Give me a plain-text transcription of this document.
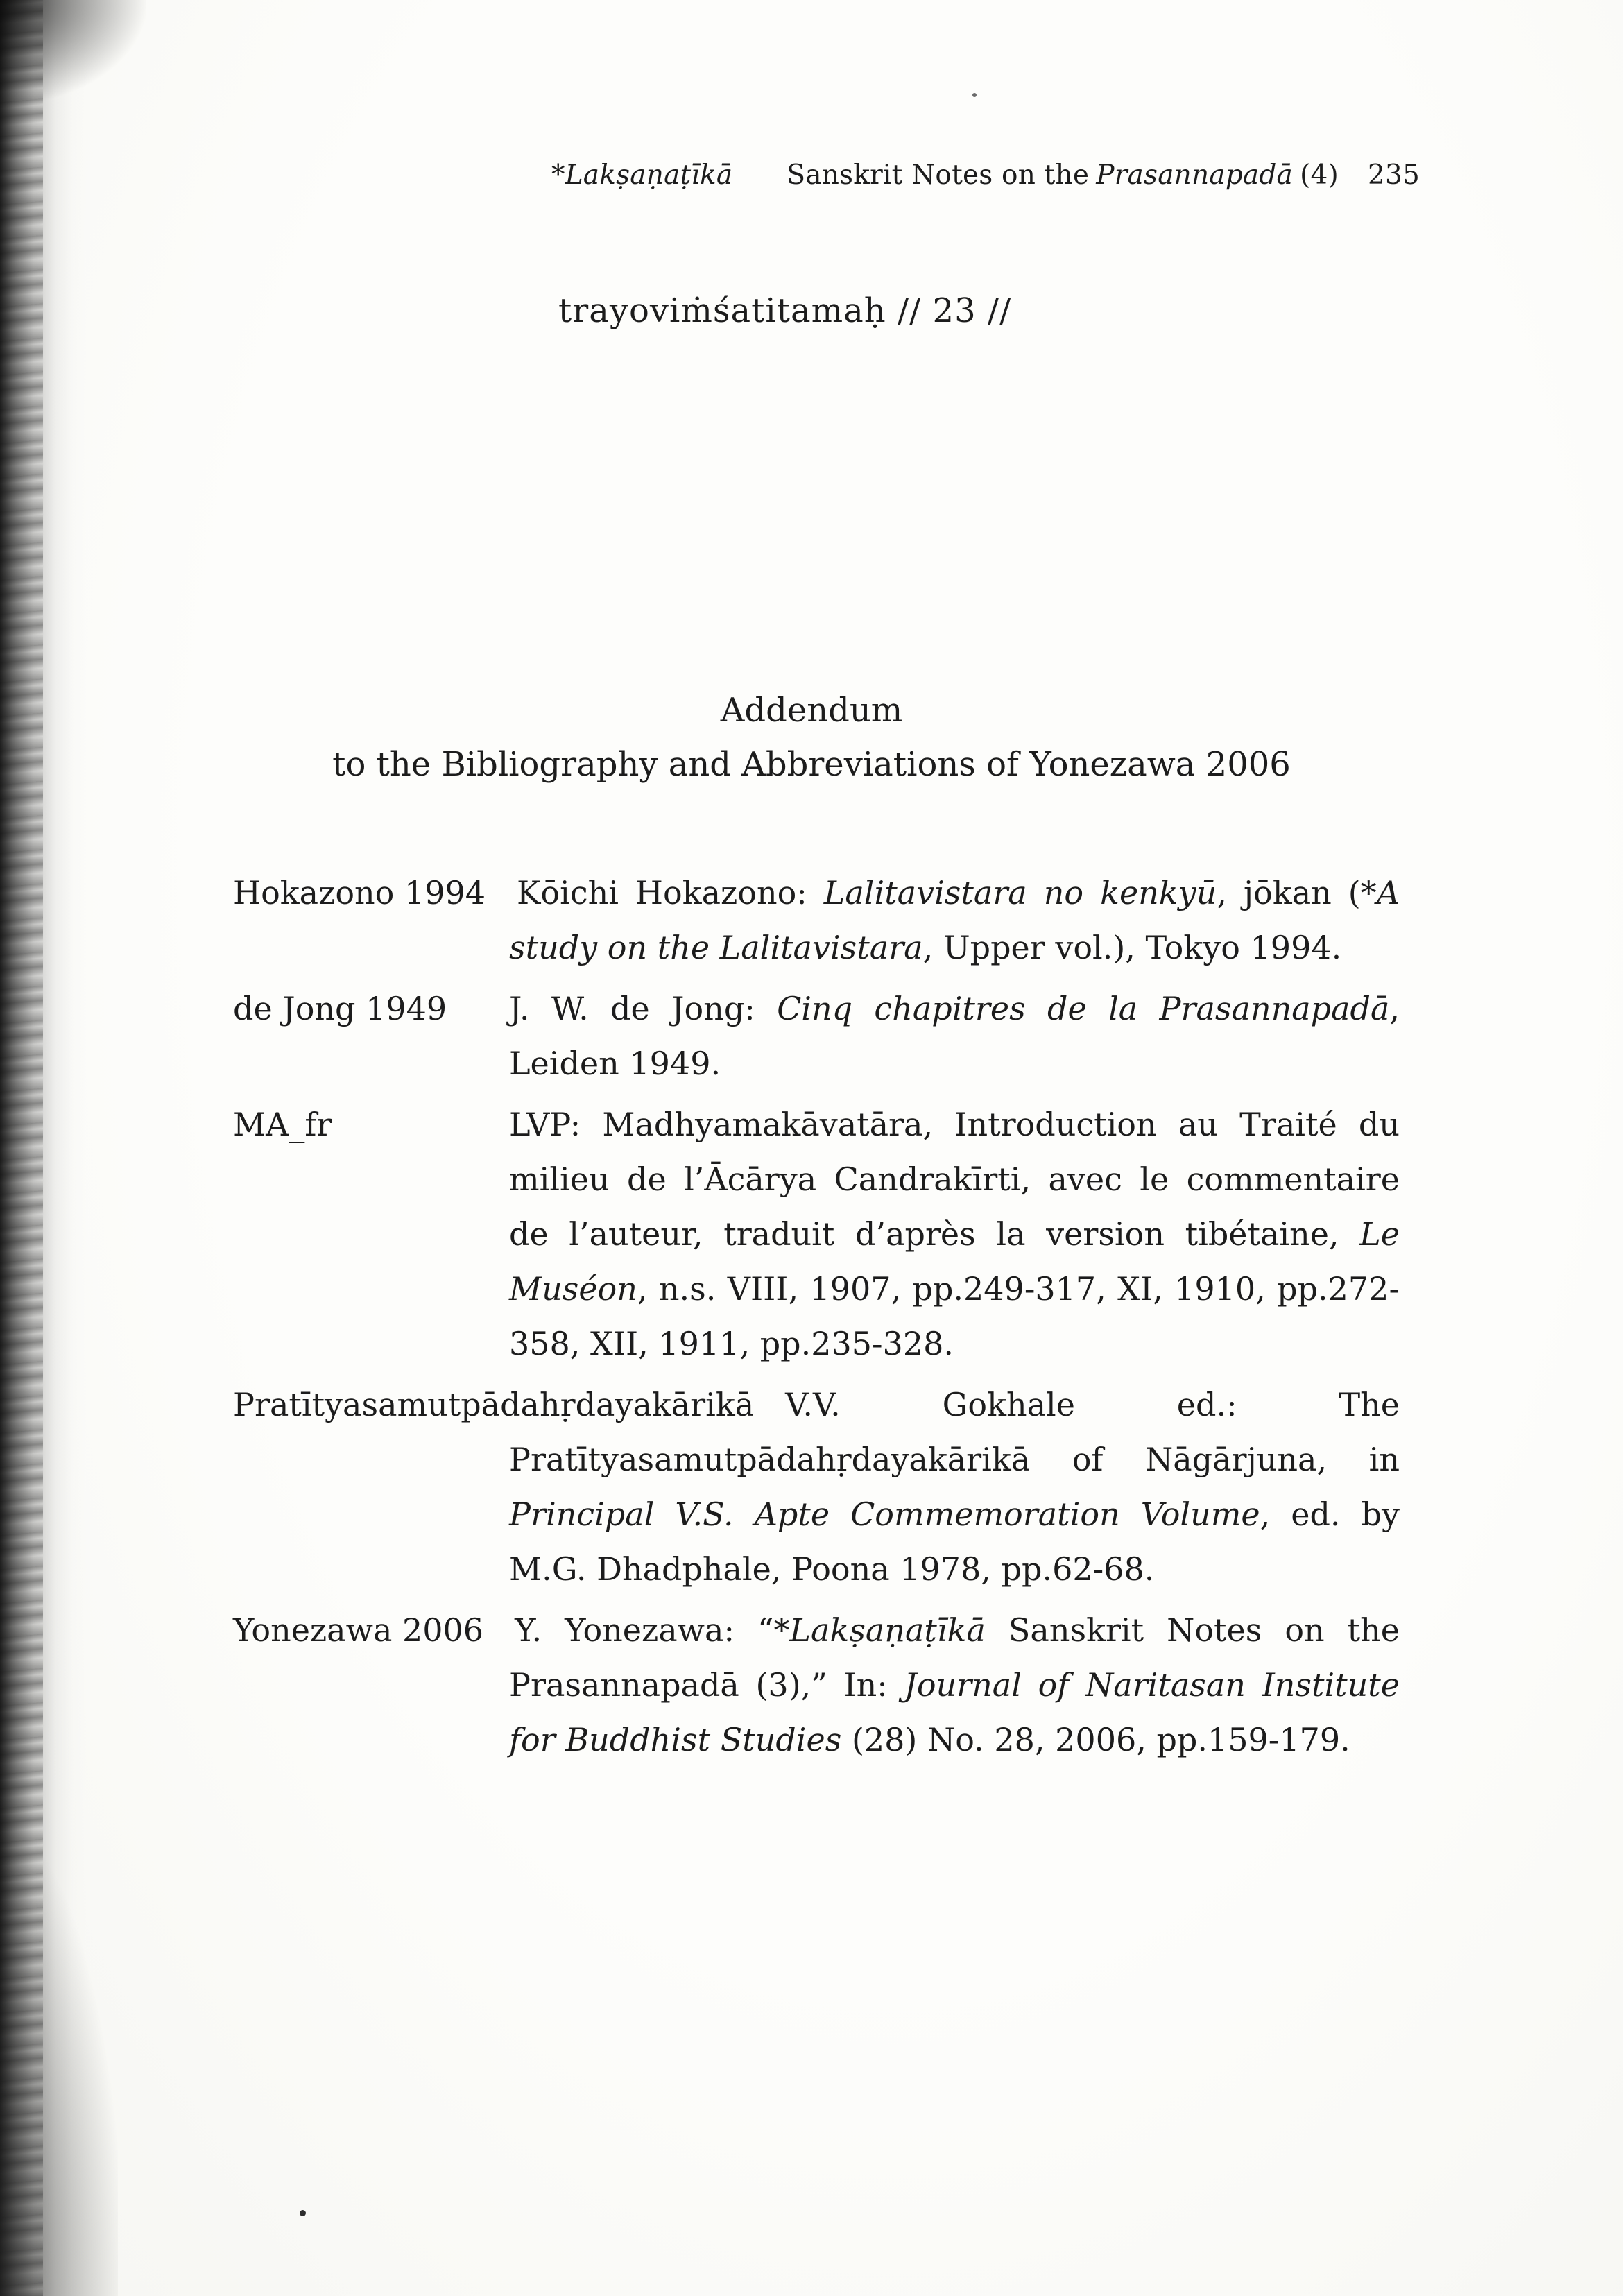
*Lakṣaṇaṭīkā Sanskrit Notes on the Prasannapadā (4) 235
trayoviṁśatitamaḥ // 23 //
Addendum
to the Bibliography and Abbreviations of Yonezawa 2006
Hokazono 1994 Kōichi Hokazono: Lalitavistara no kenkyū, jōkan (*A study on the Lalitavistara, Upper vol.), Tokyo 1994.
de Jong 1949 J. W. de Jong: Cinq chapitres de la Prasannapadā, Leiden 1949.
MA_fr	LVP: Madhyamakāvatāra, Introduction au Traité du milieu de l’Ācārya Candrakīrti, avec le commentaire de l’auteur, traduit d’après la version tibétaine, Le Muséon, n.s. VIII, 1907, pp.249-317, XI, 1910, pp.272-358, XII, 1911, pp.235-328.
Pratītyasamutpādahṛdayakārikā V.V. Gokhale ed.: The Pratītyasamutpādahṛdayakārikā of Nāgārjuna, in Principal V.S. Apte Commemoration Volume, ed. by M.G. Dhadphale, Poona 1978, pp.62-68.
Yonezawa 2006 Y. Yonezawa: “*Lakṣaṇaṭīkā Sanskrit Notes on the Prasannapadā (3),” In: Journal of Naritasan Institute for Buddhist Studies (28) No. 28, 2006, pp.159-179.
